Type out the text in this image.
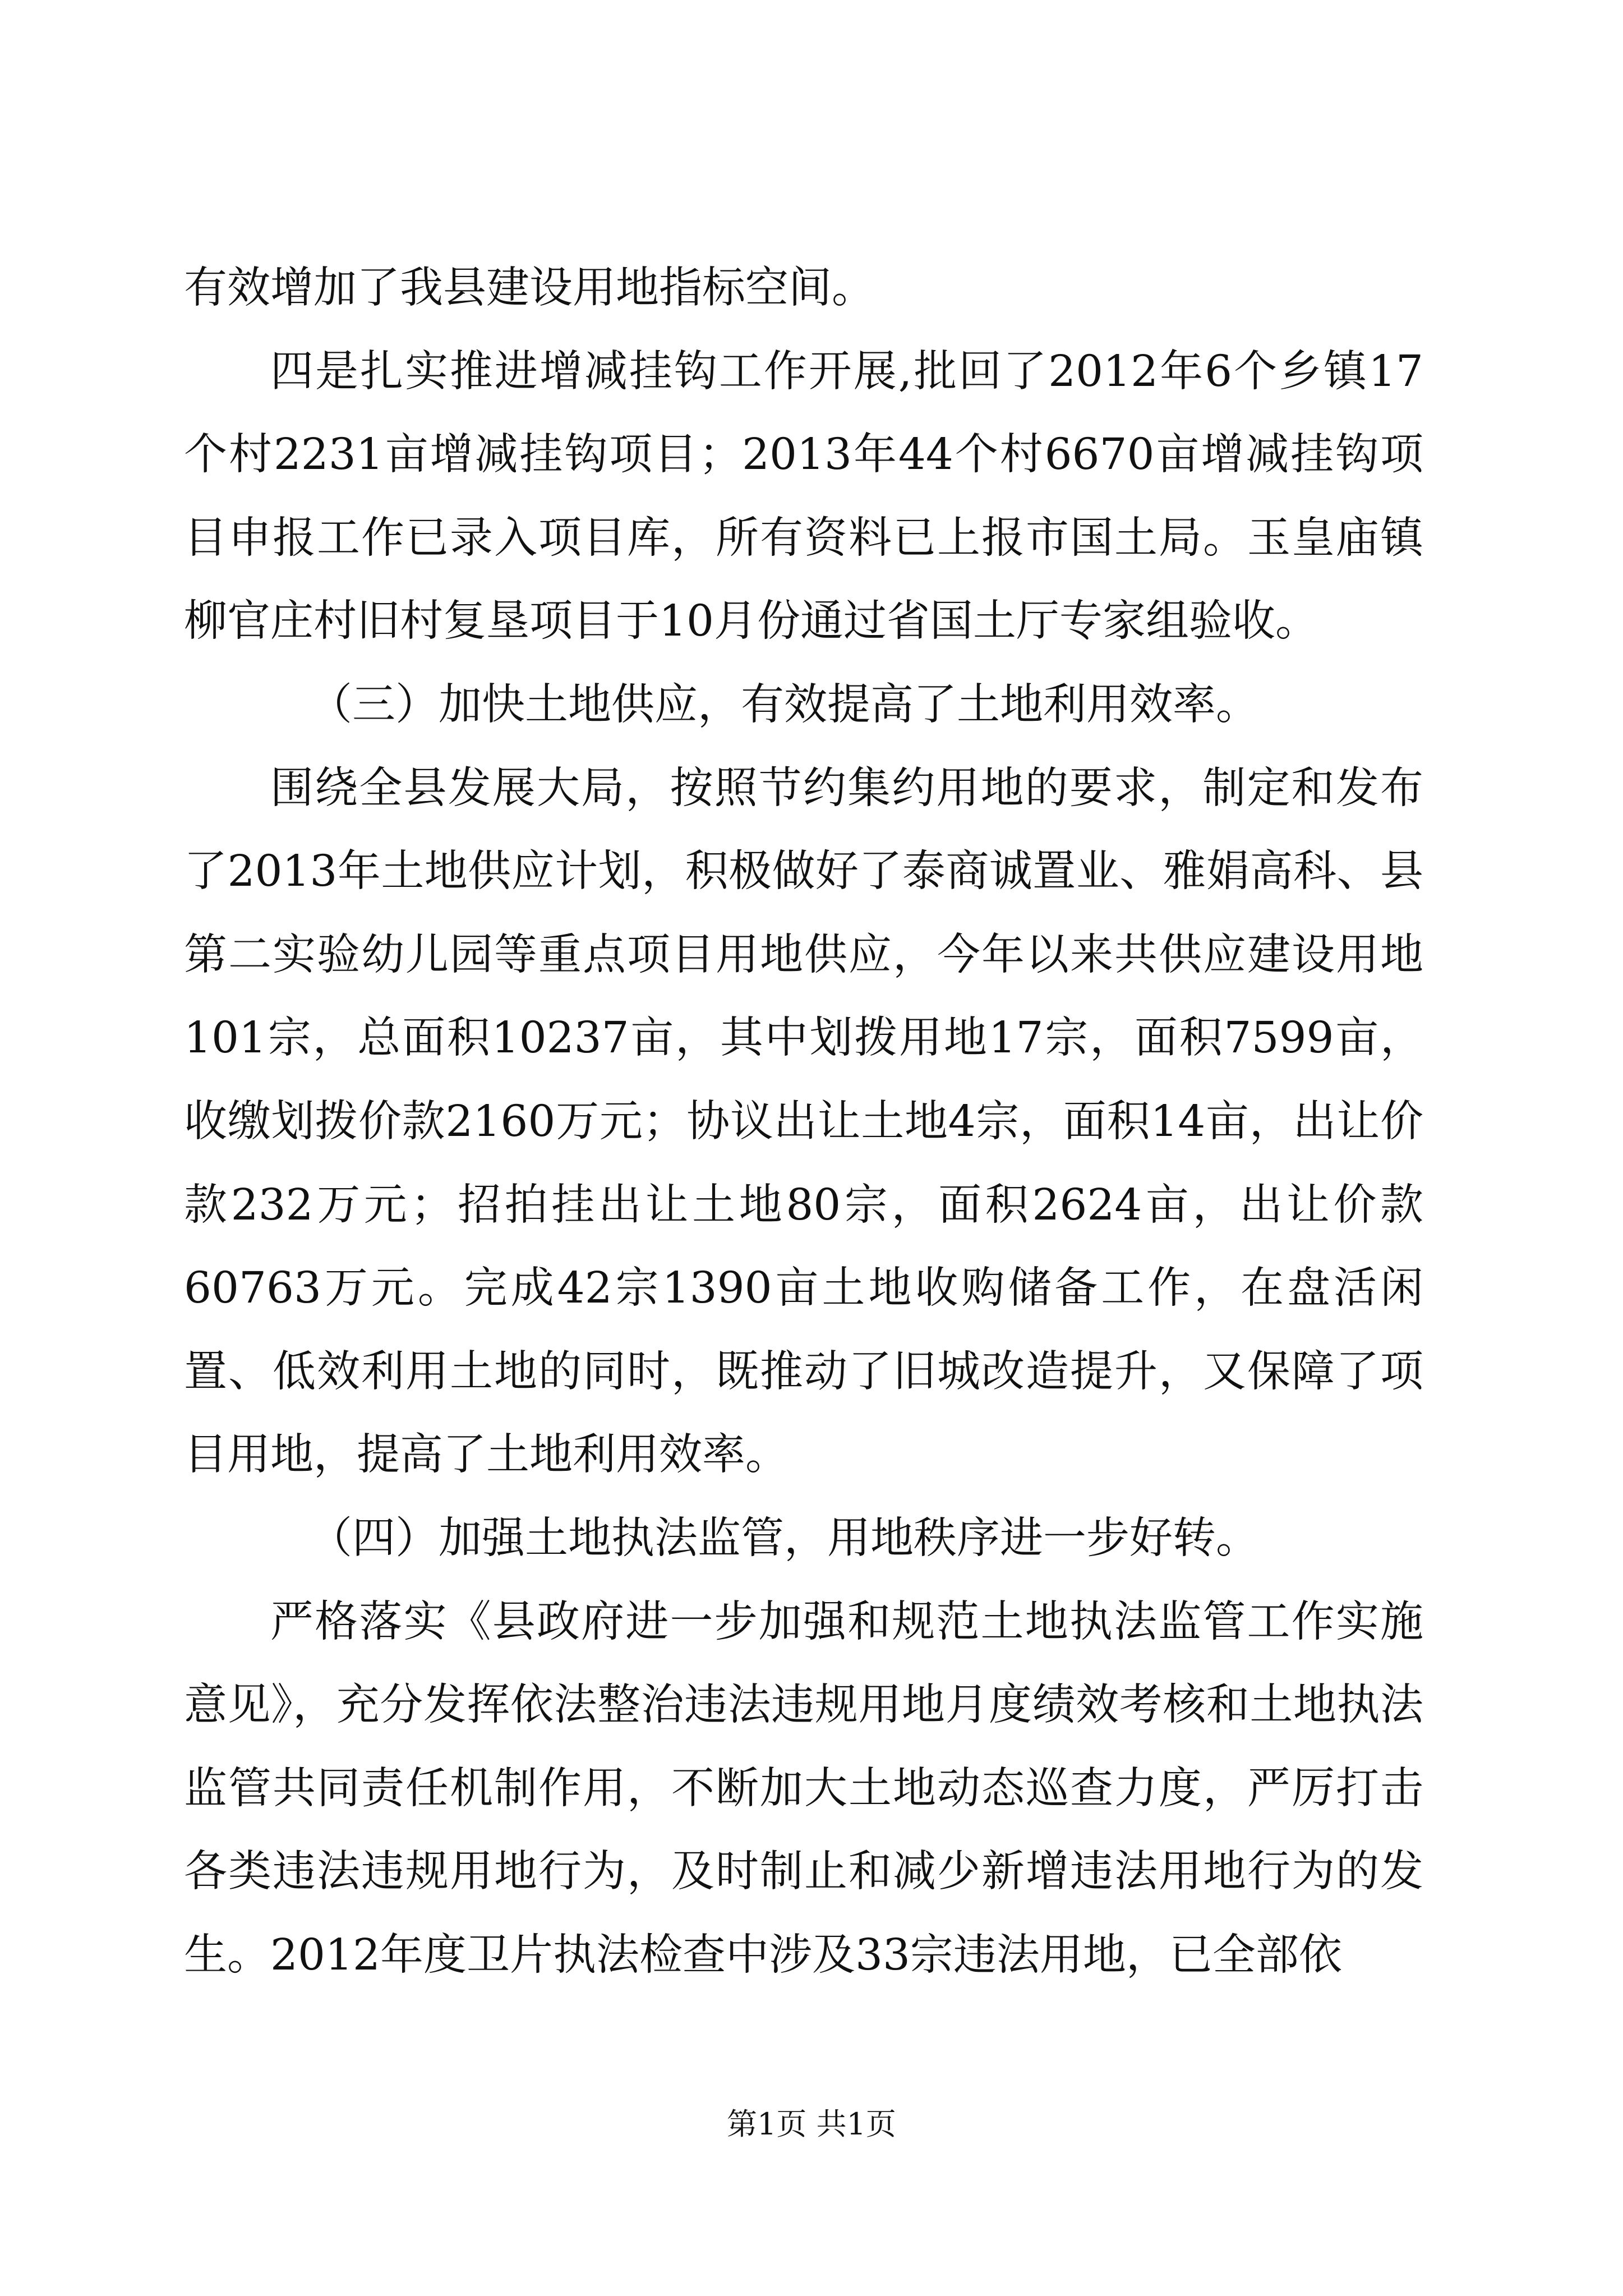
有效增加了我县建设用地指标空间。

四是扎实推进增减挂钩工作开展,批回了2012年6个乡镇17个村2231亩增减挂钩项目；2013年44个村6670亩增减挂钩项目申报工作已录入项目库，所有资料已上报市国土局。玉皇庙镇柳官庄村旧村复垦项目于10月份通过省国土厅专家组验收。

（三）加快土地供应，有效提高了土地利用效率。

围绕全县发展大局，按照节约集约用地的要求，制定和发布了2013年土地供应计划，积极做好了泰商诚置业、雅娟高科、县第二实验幼儿园等重点项目用地供应，今年以来共供应建设用地101宗，总面积10237亩，其中划拨用地17宗，面积7599亩，收缴划拨价款2160万元；协议出让土地4宗，面积14亩，出让价款232万元；招拍挂出让土地80宗，面积2624亩，出让价款60763万元。完成42宗1390亩土地收购储备工作，在盘活闲置、低效利用土地的同时，既推动了旧城改造提升，又保障了项目用地，提高了土地利用效率。

（四）加强土地执法监管，用地秩序进一步好转。

严格落实《县政府进一步加强和规范土地执法监管工作实施意见》，充分发挥依法整治违法违规用地月度绩效考核和土地执法监管共同责任机制作用，不断加大土地动态巡查力度，严厉打击各类违法违规用地行为，及时制止和减少新增违法用地行为的发生。2012年度卫片执法检查中涉及33宗违法用地，已全部依

第1页 共1页
